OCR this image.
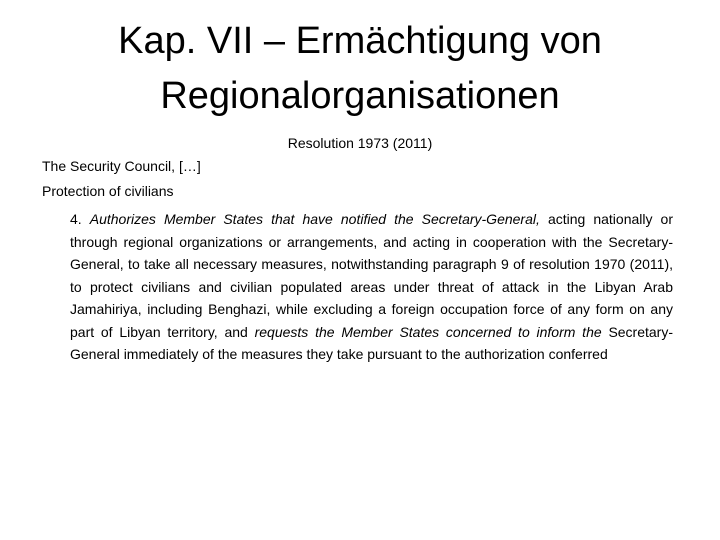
Kap. VII – Ermächtigung von
Regionalorganisationen
Resolution 1973 (2011)
The Security Council, […]
Protection of civilians
4. Authorizes Member States that have notified the Secretary-General, acting nationally or through regional organizations or arrangements, and acting in cooperation with the Secretary-General, to take all necessary measures, notwithstanding paragraph 9 of resolution 1970 (2011), to protect civilians and civilian populated areas under threat of attack in the Libyan Arab Jamahiriya, including Benghazi, while excluding a foreign occupation force of any form on any part of Libyan territory, and requests the Member States concerned to inform the Secretary-General immediately of the measures they take pursuant to the authorization conferred
